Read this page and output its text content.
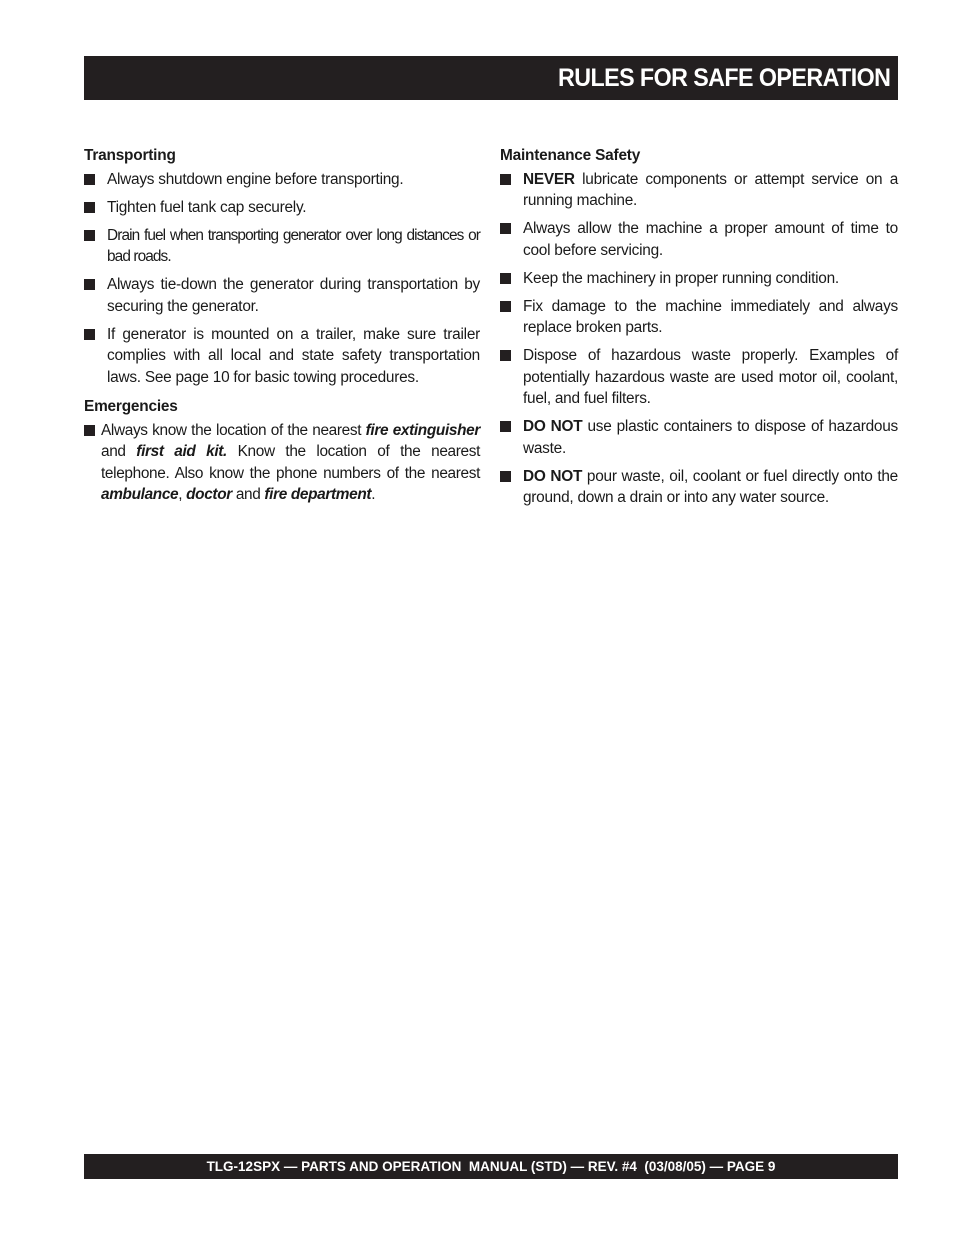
RULES FOR SAFE OPERATION
Transporting
Always shutdown engine before transporting.
Tighten fuel tank cap securely.
Drain fuel when transporting generator over long distances or bad roads.
Always tie-down the generator during transportation by securing the generator.
If generator is mounted on a trailer, make sure trailer complies with all local and state safety transportation laws. See page 10 for basic towing procedures.
Emergencies
Always know the location of the nearest fire extinguisher and first aid kit. Know the location of the nearest telephone. Also know the phone numbers of the nearest ambulance, doctor and fire department.
Maintenance Safety
NEVER lubricate components or attempt service on a running machine.
Always allow the machine a proper amount of time to cool before servicing.
Keep the machinery in proper running condition.
Fix damage to the machine immediately and always replace broken parts.
Dispose of hazardous waste properly. Examples of potentially hazardous waste are used motor oil, coolant, fuel, and fuel filters.
DO NOT use plastic containers to dispose of hazardous waste.
DO NOT pour waste, oil, coolant or fuel directly onto the ground, down a drain or into any water source.
TLG-12SPX — PARTS AND OPERATION  MANUAL (STD) — REV. #4  (03/08/05) — PAGE 9
